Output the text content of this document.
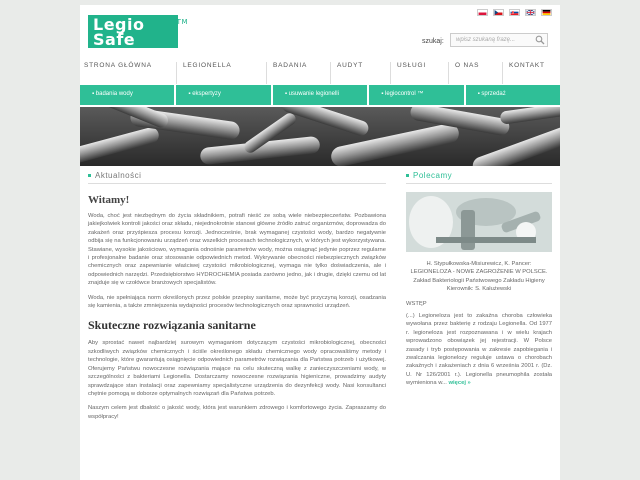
Legio
Safe
TM
szukaj:	wpisz szukaną frazę...
STRONA GŁÓWNA	LEGIONELLA	BADANIA	AUDYT	USŁUGI	O NAS	KONTAKT
▪ badania wody	▪ ekspertyzy	▪ usuwanie legionelli	▪ legiocontrol ™	▪ sprzedaż
Aktualności
Witamy!

Woda, choć jest niezbędnym do życia składnikiem, potrafi nieść ze sobą wiele niebezpieczeństw. Pozbawiona jakiejkolwiek kontroli jakości oraz składu, niejednokrotnie stanowi główne źródło zatruć organizmów, doprowadza do zakażeń oraz przyśpiesza procesu korozji. Jednocześnie, brak wymaganej czystości wody, bardzo negatywnie odbija się na funkcjonowaniu urządzeń oraz wszelkich procesach technologicznych, w których jest wykorzystywana. Stawiane, wysokie jakościowo, wymagania odnośnie parametrów wody, można osiągnąć jedynie poprzez regularne i profesjonalne badanie oraz stosowanie odpowiednich metod. Wykrywanie obecności niebezpiecznych związków chemicznych oraz zapewnianie właściwej czystości mikrobiologicznej, wymaga nie tylko doświadczenia, ale i odpowiednich narzędzi. Przedsiębiorstwo HYDROCHEMIA posiada zarówno jedno, jak i drugie, dzięki czemu od lat znajduje się w czołówce branżowych specjalistów.

Woda, nie spełniająca norm określonych przez polskie przepisy sanitarne, może być przyczyną korozji, osadzania się kamienia, a także zmniejszenia wydajności procesów technologicznych oraz sprawności urządzeń.

Skuteczne rozwiązania sanitarne

Aby sprostać nawet najbardziej surowym wymaganiom dotyczącym czystości mikrobiologicznej, obecności szkodliwych związków chemicznych i ściśle określonego składu chemicznego wody opracowaliśmy metody i technologie, które gwarantują osiągnięcie odpowiednich parametrów rozwiązania dla Państwa potrzeb i użytkowej. Oferujemy Państwu nowoczesne rozwiązania mające na celu skuteczną walkę z zanieczyszczeniami wody, w szczególności z bakteriami Legionella. Dostarczamy nowoczesne rozwiązania higieniczne, prowadzimy audyty sprawdzające stan instalacji oraz zapewniamy specjalistyczne urządzenia do dezynfekcji wody. Nasi konsultanci chętnie pomogą w doborze optymalnych rozwiązań dla Państwa potrzeb.

Naszym celem jest dbałość o jakość wody, która jest warunkiem zdrowego i komfortowego życia. Zapraszamy do współpracy!

Polecamy

H. Stypułkowska-Misiurewicz, K. Pancer: LEGIONELOZA - NOWE ZAGROŻENIE W POLSCE. Zakład Bakteriologii Państwowego Zakładu Higieny Kierownik: S. Kałużewski

WSTĘP

(...) Legioneloza jest to zakaźna choroba człowieka wywołana przez bakterię z rodzaju Legionella. Od 1977 r. legioneloza jest rozpoznawana i w wielu krajach wprowadzono obowiązek jej rejestracji. W Polsce zasady i tryb postępowania w zakresie zapobiegania i zwalczania legionelozy reguluje ustawa o chorobach zakaźnych i zakażeniach z dnia 6 września 2001 r. (Dz. U. Nr 126/2001 r.). Legionella pneumophila została wymieniona w... więcej »
